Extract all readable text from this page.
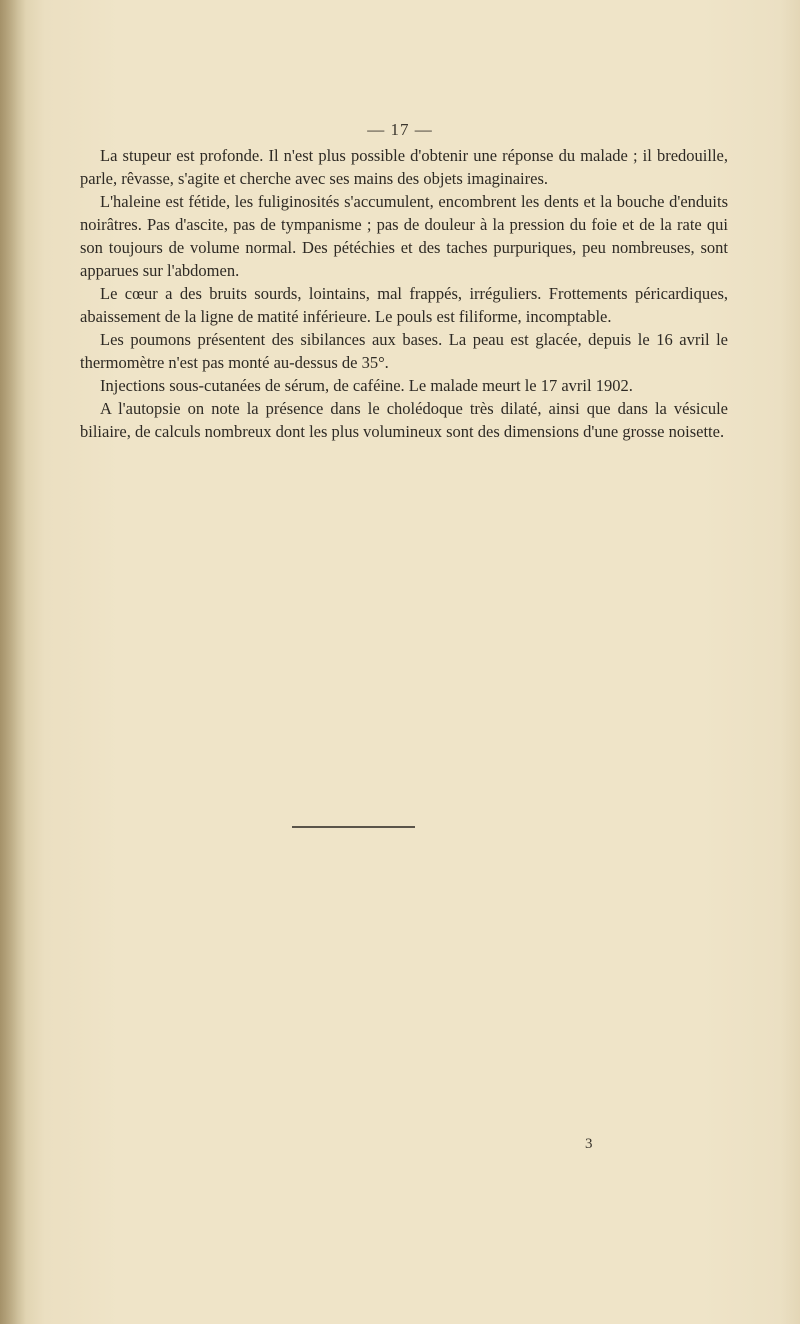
— 17 —

La stupeur est profonde. Il n'est plus possible d'obtenir une réponse du malade ; il bredouille, parle, rêvasse, s'agite et cherche avec ses mains des objets imaginaires.

L'haleine est fétide, les fuliginosités s'accumulent, encombrent les dents et la bouche d'enduits noirâtres. Pas d'ascite, pas de tympanisme ; pas de douleur à la pression du foie et de la rate qui son toujours de volume normal. Des pétéchies et des taches purpuriques, peu nombreuses, sont apparues sur l'abdomen.

Le cœur a des bruits sourds, lointains, mal frappés, irréguliers. Frottements péricardiques, abaissement de la ligne de matité inférieure. Le pouls est filiforme, incomptable.

Les poumons présentent des sibilances aux bases. La peau est glacée, depuis le 16 avril le thermomètre n'est pas monté au-dessus de 35°.

Injections sous-cutanées de sérum, de caféine. Le malade meurt le 17 avril 1902.

A l'autopsie on note la présence dans le cholédoque très dilaté, ainsi que dans la vésicule biliaire, de calculs nombreux dont les plus volumineux sont des dimensions d'une grosse noisette.

3
